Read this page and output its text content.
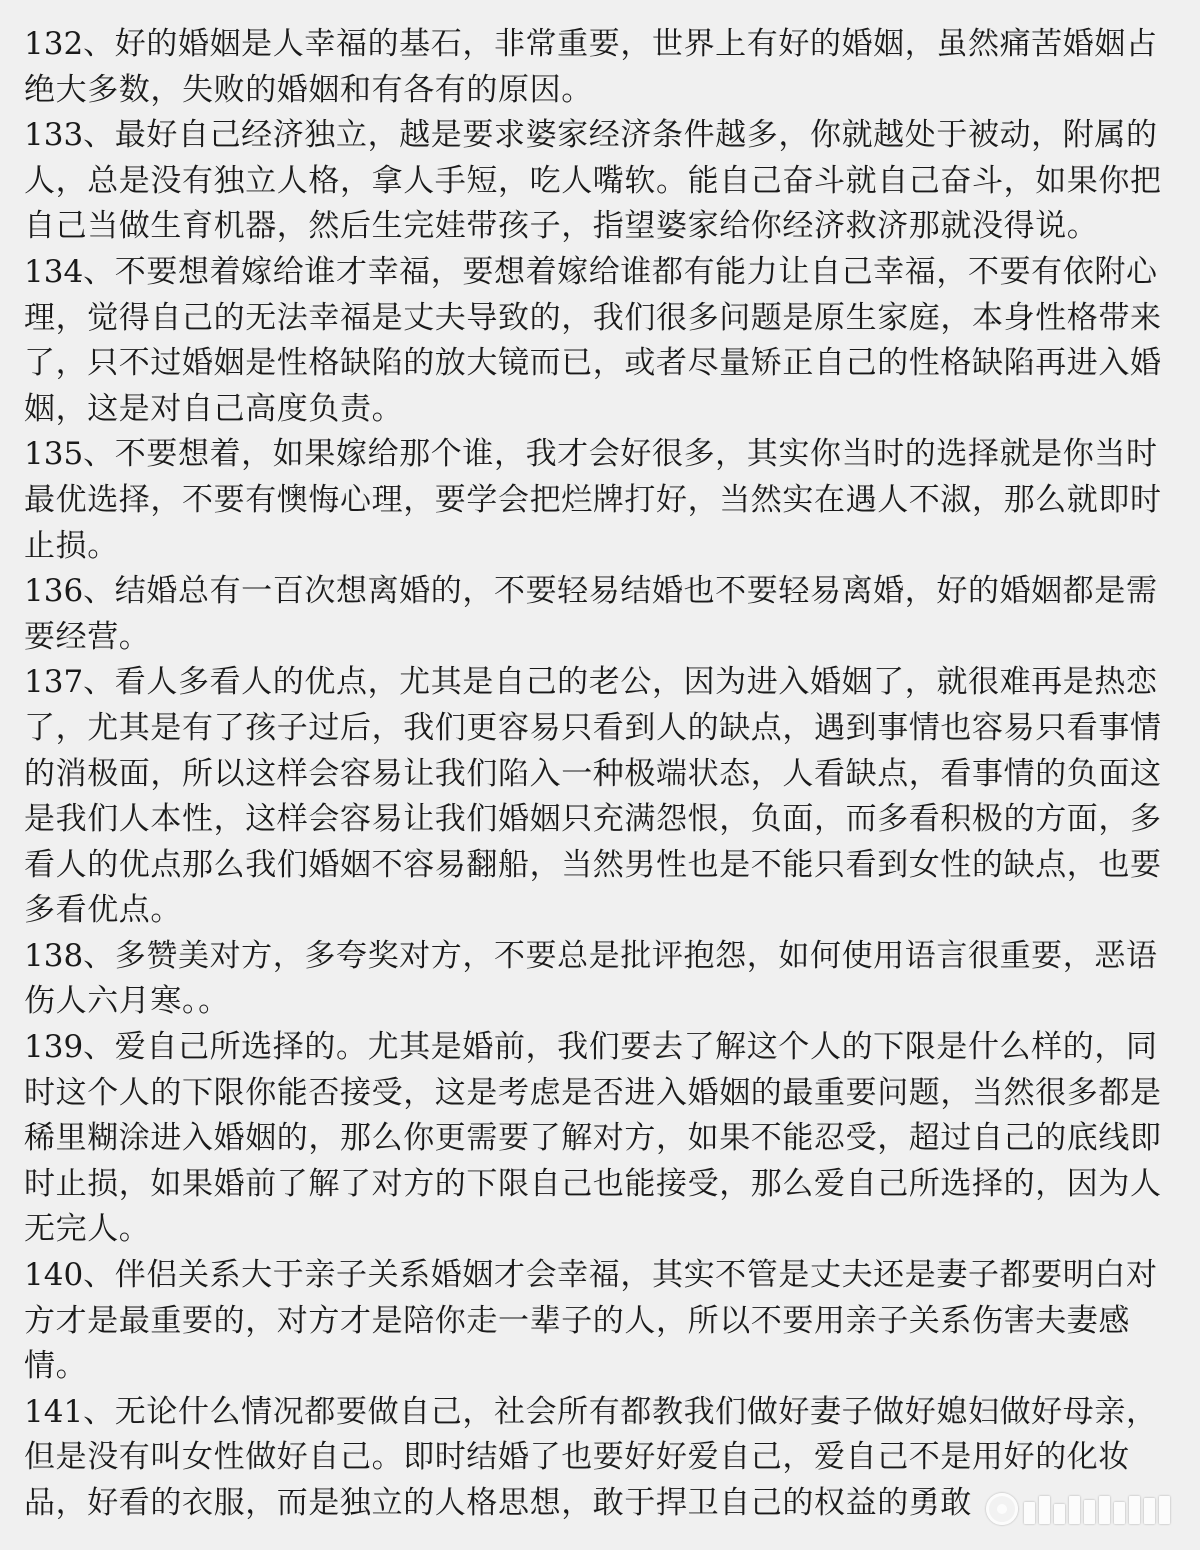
132、好的婚姻是人幸福的基石，非常重要，世界上有好的婚姻，虽然痛苦婚姻占绝大多数，失败的婚姻和有各有的原因。

133、最好自己经济独立，越是要求婆家经济条件越多，你就越处于被动，附属的人，总是没有独立人格，拿人手短，吃人嘴软。能自己奋斗就自己奋斗，如果你把自己当做生育机器，然后生完娃带孩子，指望婆家给你经济救济那就没得说。

134、不要想着嫁给谁才幸福，要想着嫁给谁都有能力让自己幸福，不要有依附心理，觉得自己的无法幸福是丈夫导致的，我们很多问题是原生家庭，本身性格带来了，只不过婚姻是性格缺陷的放大镜而已，或者尽量矫正自己的性格缺陷再进入婚姻，这是对自己高度负责。

135、不要想着，如果嫁给那个谁，我才会好很多，其实你当时的选择就是你当时最优选择，不要有懊悔心理，要学会把烂牌打好，当然实在遇人不淑，那么就即时止损。

136、结婚总有一百次想离婚的，不要轻易结婚也不要轻易离婚，好的婚姻都是需要经营。

137、看人多看人的优点，尤其是自己的老公，因为进入婚姻了，就很难再是热恋了，尤其是有了孩子过后，我们更容易只看到人的缺点，遇到事情也容易只看事情的消极面，所以这样会容易让我们陷入一种极端状态，人看缺点，看事情的负面这是我们人本性，这样会容易让我们婚姻只充满怨恨，负面，而多看积极的方面，多看人的优点那么我们婚姻不容易翻船，当然男性也是不能只看到女性的缺点，也要多看优点。

138、多赞美对方，多夸奖对方，不要总是批评抱怨，如何使用语言很重要，恶语伤人六月寒。。

139、爱自己所选择的。尤其是婚前，我们要去了解这个人的下限是什么样的，同时这个人的下限你能否接受，这是考虑是否进入婚姻的最重要问题，当然很多都是稀里糊涂进入婚姻的，那么你更需要了解对方，如果不能忍受，超过自己的底线即时止损，如果婚前了解了对方的下限自己也能接受，那么爱自己所选择的，因为人无完人。

140、伴侣关系大于亲子关系婚姻才会幸福，其实不管是丈夫还是妻子都要明白对方才是最重要的，对方才是陪你走一辈子的人，所以不要用亲子关系伤害夫妻感情。

141、无论什么情况都要做自己，社会所有都教我们做好妻子做好媳妇做好母亲，但是没有叫女性做好自己。即时结婚了也要好好爱自己，爱自己不是用好的化妆品，好看的衣服，而是独立的人格思想，敢于捍卫自己的权益的勇敢
